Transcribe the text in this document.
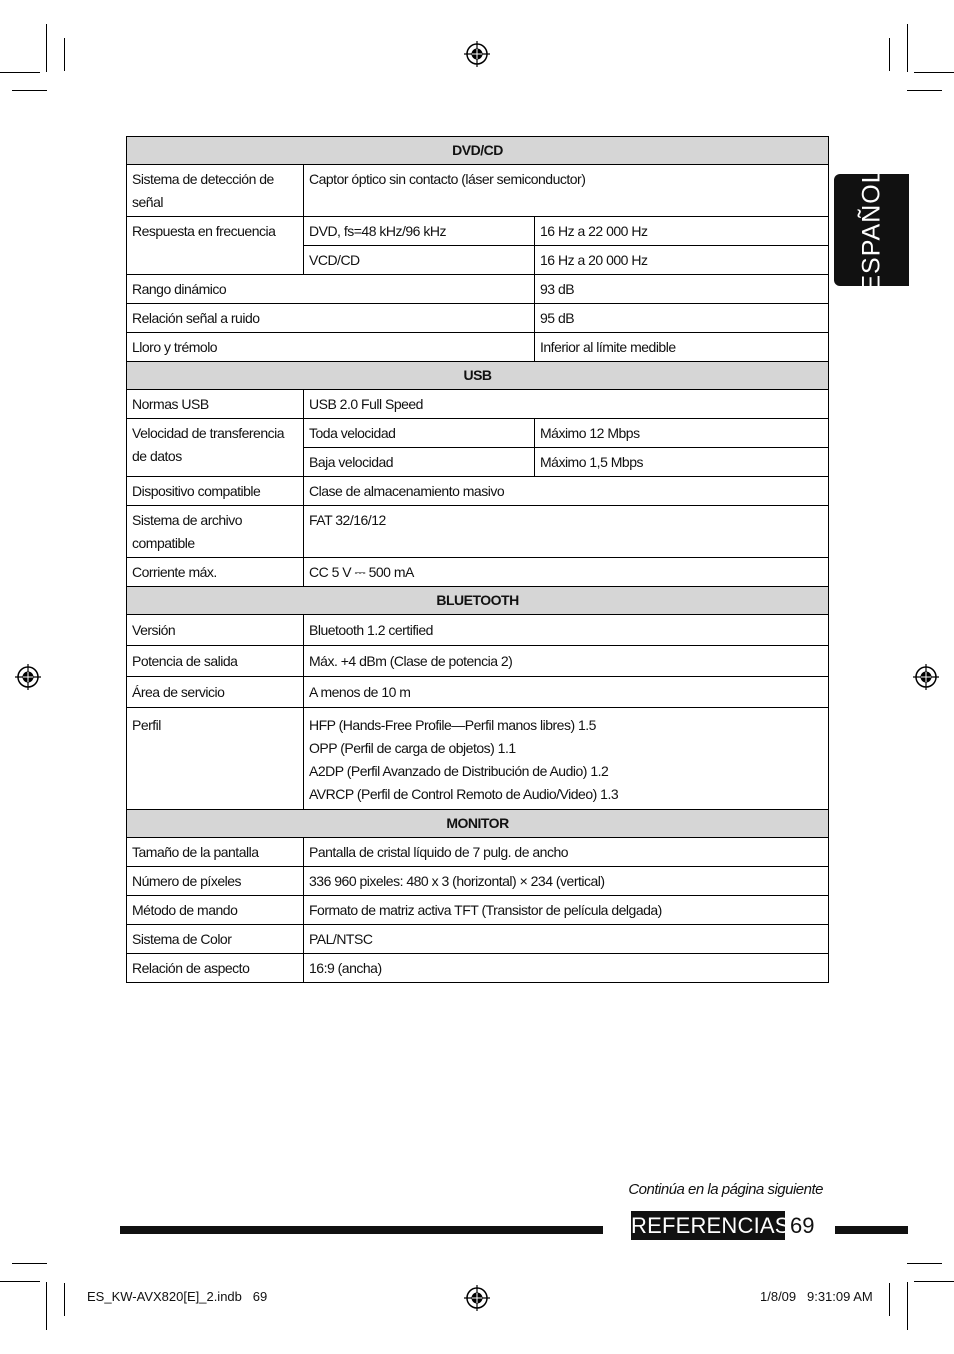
ESPAÑOL
DVD/CD		
Sistema de detección de señal	Captor óptico sin contacto (láser semiconductor)	
Respuesta en frecuencia	DVD, fs=48 kHz/96 kHz	16 Hz a 22 000 Hz
	VCD/CD	16 Hz a 20 000 Hz
Rango dinámico		93 dB
Relación señal a ruido		95 dB
Lloro y trémolo		Inferior al límite medible
USB		
Normas USB	USB 2.0 Full Speed	
Velocidad de transferencia de datos	Toda velocidad	Máximo 12 Mbps
	Baja velocidad	Máximo 1,5 Mbps
Dispositivo compatible	Clase de almacenamiento masivo	
Sistema de archivo compatible	FAT 32/16/12	
Corriente máx.	CC 5 V ⎓ 500 mA	
BLUETOOTH		
Versión	Bluetooth 1.2 certified	
Potencia de salida	Máx. +4 dBm (Clase de potencia 2)	
Área de servicio	A menos de 10 m	
Perfil	HFP (Hands-Free Profile—Perfil manos libres) 1.5
OPP (Perfil de carga de objetos) 1.1
A2DP (Perfil Avanzado de Distribución de Audio) 1.2
AVRCP (Perfil de Control Remoto de Audio/Video) 1.3	

MONITOR		
Tamaño de la pantalla	Pantalla de cristal líquido de 7 pulg. de ancho	
Número de píxeles	336 960 pixeles: 480 x 3 (horizontal) × 234 (vertical)	
Método de mando	Formato de matriz activa TFT (Transistor de película delgada)	
Sistema de Color	PAL/NTSC	
Relación de aspecto	16:9 (ancha)	
Continúa en la página siguiente
REFERENCIAS 69
ES_KW-AVX820[E]_2.indb   69	1/8/09   9:31:09 AM
